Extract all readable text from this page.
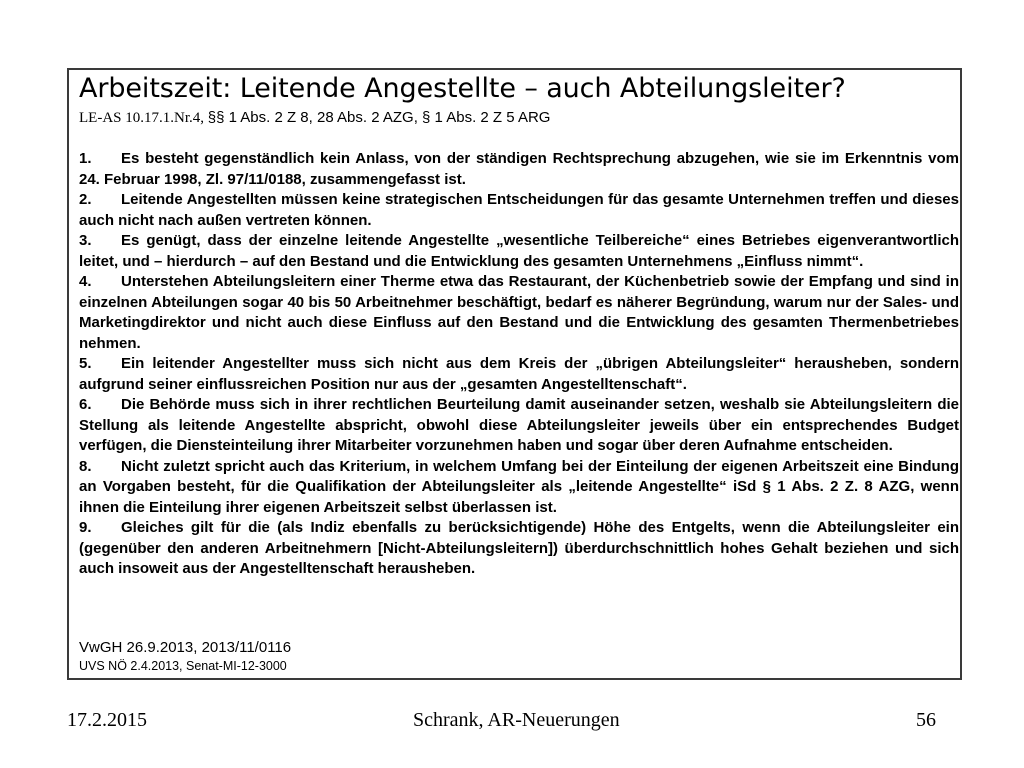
Arbeitszeit: Leitende Angestellte – auch Abteilungsleiter?
LE-AS 10.17.1.Nr.4, §§ 1 Abs. 2 Z 8, 28 Abs. 2 AZG, § 1 Abs. 2 Z 5 ARG
1. Es besteht gegenständlich kein Anlass, von der ständigen Rechtsprechung abzugehen, wie sie im Erkenntnis vom 24. Februar 1998, Zl. 97/11/0188, zusammengefasst ist.
2. Leitende Angestellten müssen keine strategischen Entscheidungen für das gesamte Unternehmen treffen und dieses auch nicht nach außen vertreten können.
3. Es genügt, dass der einzelne leitende Angestellte „wesentliche Teilbereiche“ eines Betriebes eigenverantwortlich leitet, und – hierdurch – auf den Bestand und die Entwicklung des gesamten Unternehmens „Einfluss nimmt“.
4. Unterstehen Abteilungsleitern einer Therme etwa das Restaurant, der Küchenbetrieb sowie der Empfang und sind in einzelnen Abteilungen sogar 40 bis 50 Arbeitnehmer beschäftigt, bedarf es näherer Begründung, warum nur der Sales- und Marketingdirektor und nicht auch diese Einfluss auf den Bestand und die Entwicklung des gesamten Thermenbetriebes nehmen.
5. Ein leitender Angestellter muss sich nicht aus dem Kreis der „übrigen Abteilungsleiter“ herausheben, sondern aufgrund seiner einflussreichen Position nur aus der „gesamten Angestelltenschaft“.
6. Die Behörde muss sich in ihrer rechtlichen Beurteilung damit auseinander setzen, weshalb sie Abteilungsleitern die Stellung als leitende Angestellte abspricht, obwohl diese Abteilungsleiter jeweils über ein entsprechendes Budget verfügen, die Diensteinteilung ihrer Mitarbeiter vorzunehmen haben und sogar über deren Aufnahme entscheiden.
8. Nicht zuletzt spricht auch das Kriterium, in welchem Umfang bei der Einteilung der eigenen Arbeitszeit eine Bindung an Vorgaben besteht, für die Qualifikation der Abteilungsleiter als „leitende Angestellte“ iSd § 1 Abs. 2 Z. 8 AZG, wenn ihnen die Einteilung ihrer eigenen Arbeitszeit selbst überlassen ist.
9. Gleiches gilt für die (als Indiz ebenfalls zu berücksichtigende) Höhe des Entgelts, wenn die Abteilungsleiter ein (gegenüber den anderen Arbeitnehmern [Nicht-Abteilungsleitern]) überdurchschnittlich hohes Gehalt beziehen und sich auch insoweit aus der Angestelltenschaft herausheben.
VwGH 26.9.2013, 2013/11/0116
UVS NÖ 2.4.2013, Senat-MI-12-3000
17.2.2015	Schrank, AR-Neuerungen	56
